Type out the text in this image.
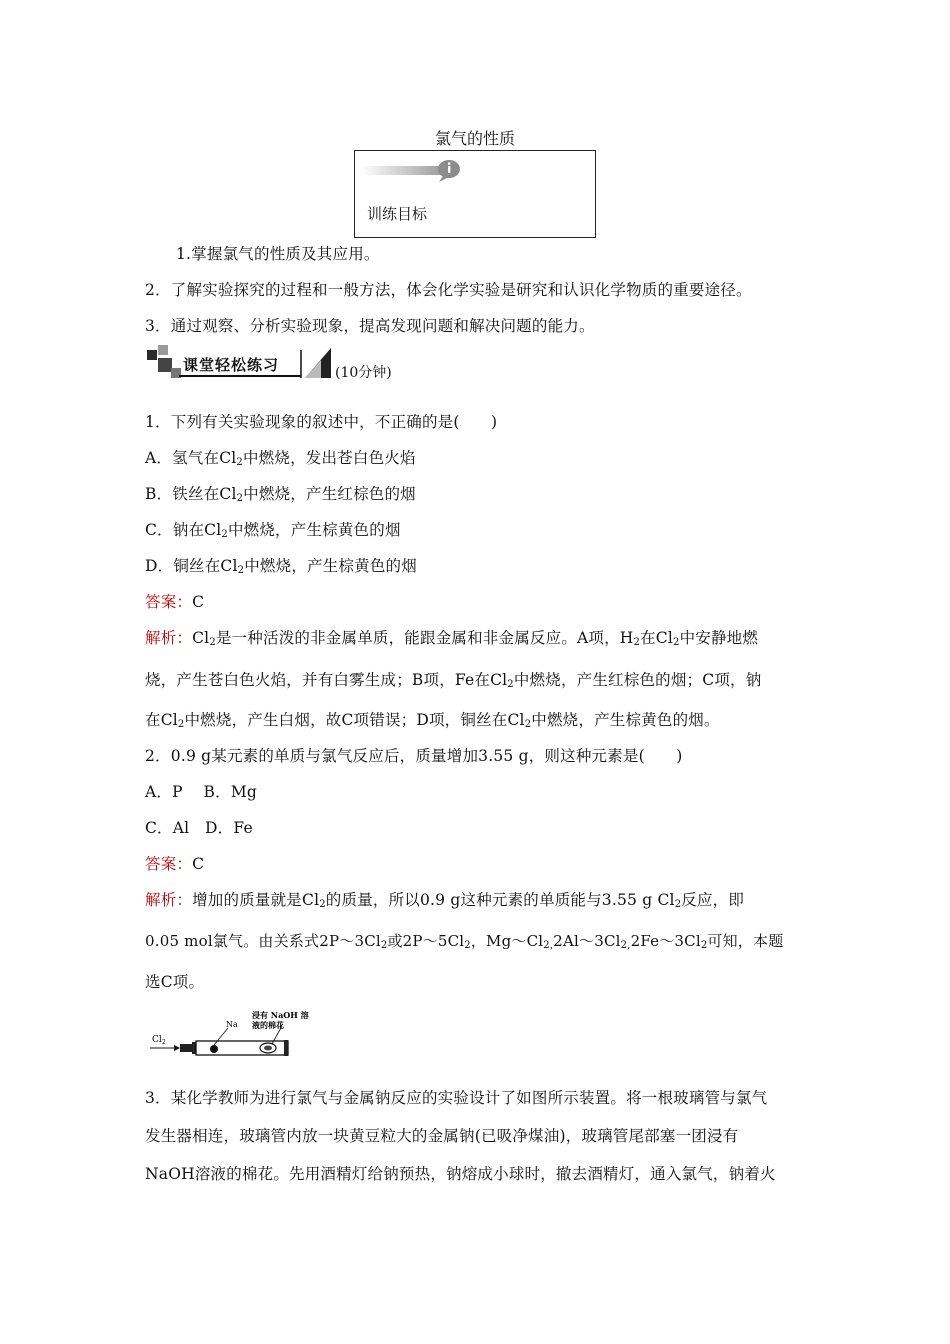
氯气的性质
训练目标
1.掌握氯气的性质及其应用。
2．了解实验探究的过程和一般方法，体会化学实验是研究和认识化学物质的重要途径。
3．通过观察、分析实验现象，提高发现问题和解决问题的能力。
课堂轻松练习	(10分钟)
1．下列有关实验现象的叙述中，不正确的是(　　)
A．氢气在$Cl_2$中燃烧，发出苍白色火焰
B．铁丝在$Cl_2$中燃烧，产生红棕色的烟
C．钠在$Cl_2$中燃烧，产生棕黄色的烟
D．铜丝在$Cl_2$中燃烧，产生棕黄色的烟
答案：C
解析：$Cl_2$是一种活泼的非金属单质，能跟金属和非金属反应。A项，$H_2$在$Cl_2$中安静地燃
烧，产生苍白色火焰，并有白雾生成；B项，Fe在$Cl_2$中燃烧，产生红棕色的烟；C项，钠
在$Cl_2$中燃烧，产生白烟，故C项错误；D项，铜丝在$Cl_2$中燃烧，产生棕黄色的烟。
2．0.9 g某元素的单质与氯气反应后，质量增加3.55 g，则这种元素是(　　)
A．P　 B．Mg
C．Al　D．Fe
答案：C
解析：增加的质量就是$Cl_2$的质量，所以0.9 g这种元素的单质能与3.55 g $Cl_2$反应，即
0.05 mol氯气。由关系式$2P\sim 3Cl_2$或$2P\sim 5Cl_2$，$Mg\sim Cl_{2,}2Al\sim 3Cl_{2,}2Fe\sim 3Cl_2$可知，本题
选C项。
Cl 2
Na
浸有 NaOH 溶
液的棉花
3．某化学教师为进行氯气与金属钠反应的实验设计了如图所示装置。将一根玻璃管与氯气
发生器相连，玻璃管内放一块黄豆粒大的金属钠(已吸净煤油)，玻璃管尾部塞一团浸有
NaOH溶液的棉花。先用酒精灯给钠预热，钠熔成小球时，撤去酒精灯，通入氯气，钠着火
